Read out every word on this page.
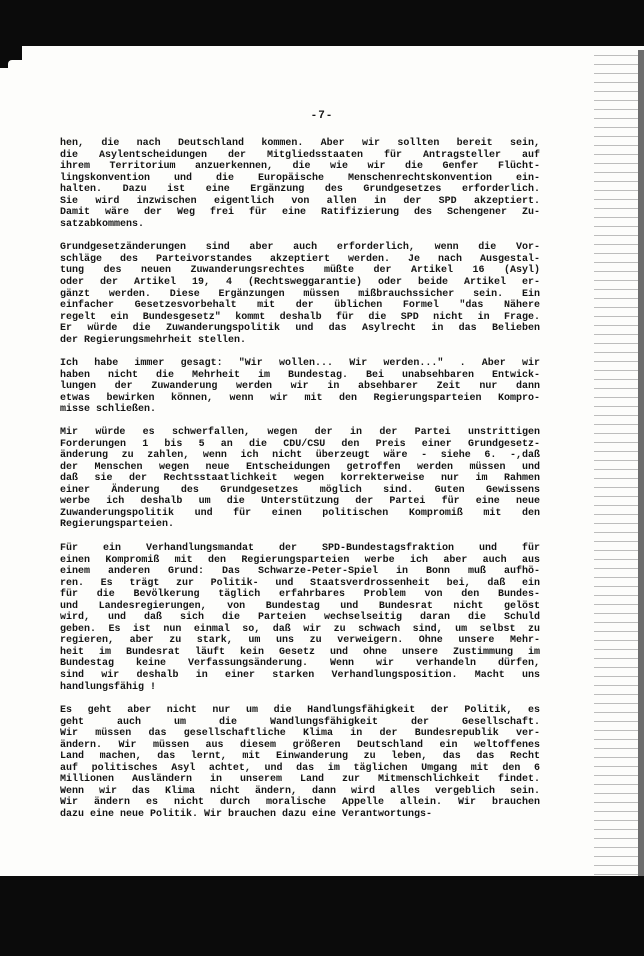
-7-
hen, die nach Deutschland kommen. Aber wir sollten bereit sein,
die Asylentscheidungen der Mitgliedsstaaten für Antragsteller auf
ihrem Territorium anzuerkennen, die wie wir die Genfer Flücht-
lingskonvention und die Europäische Menschenrechtskonvention ein-
halten. Dazu ist eine Ergänzung des Grundgesetzes erforderlich.
Sie wird inzwischen eigentlich von allen in der SPD akzeptiert.
Damit wäre der Weg frei für eine Ratifizierung des Schengener Zu-
satzabkommens.
Grundgesetzänderungen sind aber auch erforderlich, wenn die Vor-
schläge des Parteivorstandes akzeptiert werden. Je nach Ausgestal-
tung des neuen Zuwanderungsrechtes müßte der Artikel 16 (Asyl)
oder der Artikel 19, 4 (Rechtsweggarantie) oder beide Artikel er-
gänzt werden. Diese Ergänzungen müssen mißbrauchssicher sein. Ein
einfacher Gesetzesvorbehalt mit der üblichen Formel "das Nähere
regelt ein Bundesgesetz" kommt deshalb für die SPD nicht in Frage.
Er würde die Zuwanderungspolitik und das Asylrecht in das Belieben
der Regierungsmehrheit stellen.
Ich habe immer gesagt: "Wir wollen... Wir werden..." . Aber wir
haben nicht die Mehrheit im Bundestag. Bei unabsehbaren Entwick-
lungen der Zuwanderung werden wir in absehbarer Zeit nur dann
etwas bewirken können, wenn wir mit den Regierungsparteien Kompro-
misse schließen.
Mir würde es schwerfallen, wegen der in der Partei unstrittigen
Forderungen 1 bis 5 an die CDU/CSU den Preis einer Grundgesetz-
änderung zu zahlen, wenn ich nicht überzeugt wäre - siehe 6. -,daß
der Menschen wegen neue Entscheidungen getroffen werden müssen und
daß sie der Rechtsstaatlichkeit wegen korrekterweise nur im Rahmen
einer Änderung des Grundgesetzes möglich sind. Guten Gewissens
werbe ich deshalb um die Unterstützung der Partei für eine neue
Zuwanderungspolitik und für einen politischen Kompromiß mit den
Regierungsparteien.
Für ein Verhandlungsmandat der SPD-Bundestagsfraktion und für
einen Kompromiß mit den Regierungsparteien werbe ich aber auch aus
einem anderen Grund: Das Schwarze-Peter-Spiel in Bonn muß aufhö-
ren. Es trägt zur Politik- und Staatsverdrossenheit bei, daß ein
für die Bevölkerung täglich erfahrbares Problem von den Bundes-
und Landesregierungen, von Bundestag und Bundesrat nicht gelöst
wird, und daß sich die Parteien wechselseitig daran die Schuld
geben. Es ist nun einmal so, daß wir zu schwach sind, um selbst zu
regieren, aber zu stark, um uns zu verweigern. Ohne unsere Mehr-
heit im Bundesrat läuft kein Gesetz und ohne unsere Zustimmung im
Bundestag keine Verfassungsänderung. Wenn wir verhandeln dürfen,
sind wir deshalb in einer starken Verhandlungsposition. Macht uns
handlungsfähig !
Es geht aber nicht nur um die Handlungsfähigkeit der Politik, es
geht auch um die Wandlungsfähigkeit der Gesellschaft.
Wir müssen das gesellschaftliche Klima in der Bundesrepublik ver-
ändern. Wir müssen aus diesem größeren Deutschland ein weltoffenes
Land machen, das lernt, mit Einwanderung zu leben, das das Recht
auf politisches Asyl achtet, und das im täglichen Umgang mit den 6
Millionen Ausländern in unserem Land zur Mitmenschlichkeit findet.
Wenn wir das Klima nicht ändern, dann wird alles vergeblich sein.
Wir ändern es nicht durch moralische Appelle allein. Wir brauchen
dazu eine neue Politik. Wir brauchen dazu eine Verantwortungs-
